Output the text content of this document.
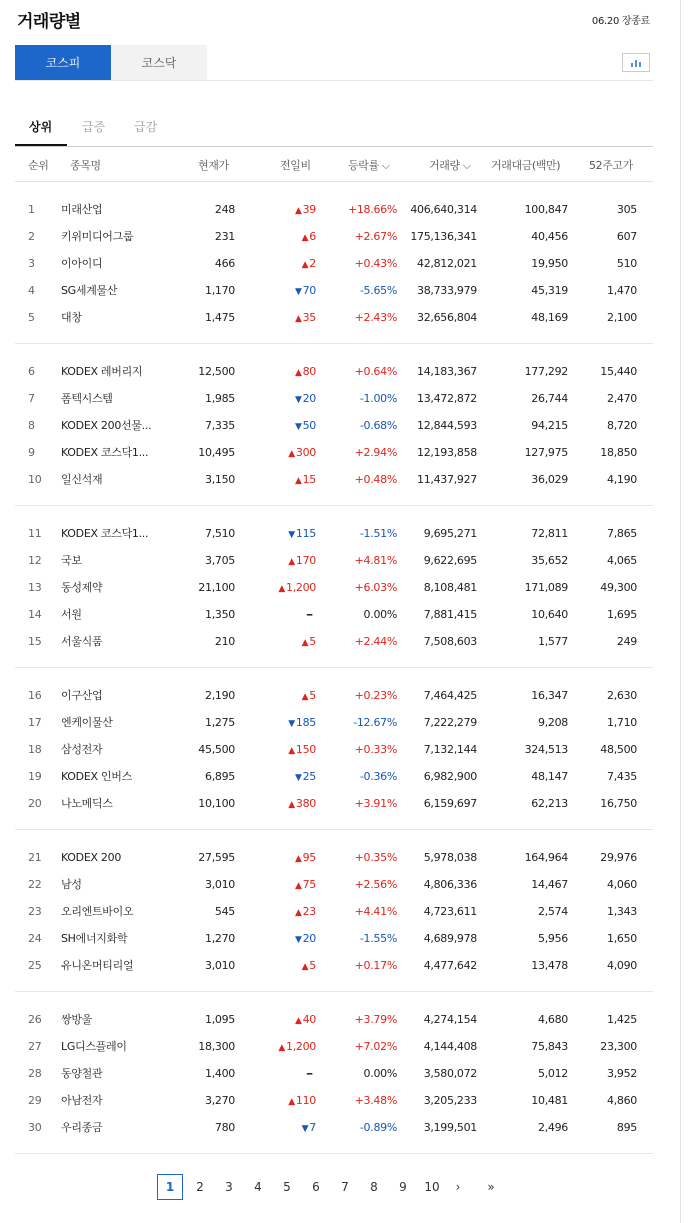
거래량별	06.20 장종료
코스피	코스닥
상위 급증 급감
순위 종목명	현재가	전일비	등락률 ⌵	거래량 ⌵ 거래대금(백만)	52주고가
1 미래산업	248	▲39	+18.66%	406,640,314	100,847	305
2 키위미디어그룹	231	▲6	+2.67%	175,136,341	40,456	607
3 이아이디	466	▲2	+0.43%	42,812,021	19,950	510
4 SG세계물산	1,170	▼70	-5.65%	38,733,979	45,319	1,470
5 대창	1,475	▲35	+2.43%	32,656,804	48,169	2,100
6 KODEX 레버리지	12,500	▲80	+0.64%	14,183,367	177,292	15,440
7 폼텍시스템	1,985	▼20	-1.00%	13,472,872	26,744	2,470
8 KODEX 200선물...	7,335	▼50	-0.68%	12,844,593	94,215	8,720
9 KODEX 코스닥1...	10,495	▲300	+2.94%	12,193,858	127,975	18,850
10 일신석재	3,150	▲15	+0.48%	11,437,927	36,029	4,190
11 KODEX 코스닥1...	7,510	▼115	-1.51%	9,695,271	72,811	7,865
12 국보	3,705	▲170	+4.81%	9,622,695	35,652	4,065
13 동성제약	21,100	▲1,200	+6.03%	8,108,481	171,089	49,300
14 서원	1,350	━	0.00%	7,881,415	10,640	1,695
15 서울식품	210	▲5	+2.44%	7,508,603	1,577	249
16 이구산업	2,190	▲5	+0.23%	7,464,425	16,347	2,630
17 엔케이물산	1,275	▼185	-12.67%	7,222,279	9,208	1,710
18 삼성전자	45,500	▲150	+0.33%	7,132,144	324,513	48,500
19 KODEX 인버스	6,895	▼25	-0.36%	6,982,900	48,147	7,435
20 나노메딕스	10,100	▲380	+3.91%	6,159,697	62,213	16,750
21 KODEX 200	27,595	▲95	+0.35%	5,978,038	164,964	29,976
22 남성	3,010	▲75	+2.56%	4,806,336	14,467	4,060
23 오리엔트바이오	545	▲23	+4.41%	4,723,611	2,574	1,343
24 SH에너지화학	1,270	▼20	-1.55%	4,689,978	5,956	1,650
25 유니온머티리얼	3,010	▲5	+0.17%	4,477,642	13,478	4,090
26 쌍방울	1,095	▲40	+3.79%	4,274,154	4,680	1,425
27 LG디스플레이	18,300	▲1,200	+7.02%	4,144,408	75,843	23,300
28 동양철관	1,400	━	0.00%	3,580,072	5,012	3,952
29 아남전자	3,270	▲110	+3.48%	3,205,233	10,481	4,860
30 우리종금	780	▼7	-0.89%	3,199,501	2,496	895
1	2	3	4	5	6	7	8	9	10	›	»
